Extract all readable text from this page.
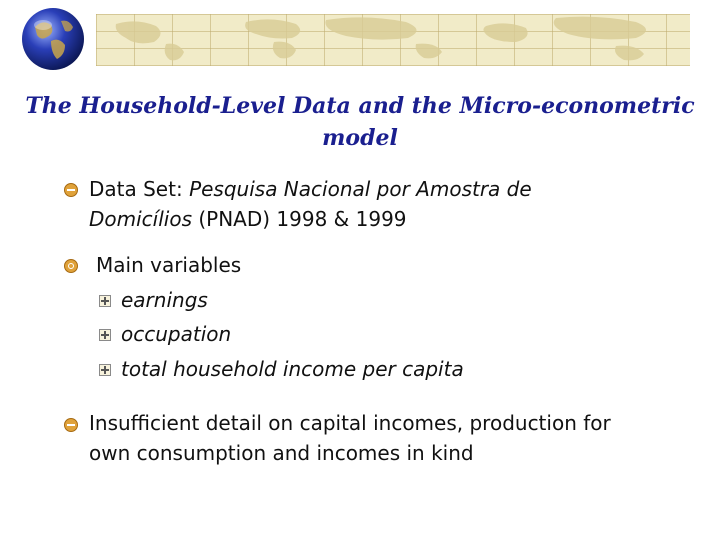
The Household-Level Data and the Micro-econometric
model
Data Set: Pesquisa Nacional por Amostra de
Domicílios (PNAD) 1998 & 1999
Main variables
earnings
occupation
total household income per capita
Insufficient detail on capital incomes, production for
own consumption and incomes in kind
